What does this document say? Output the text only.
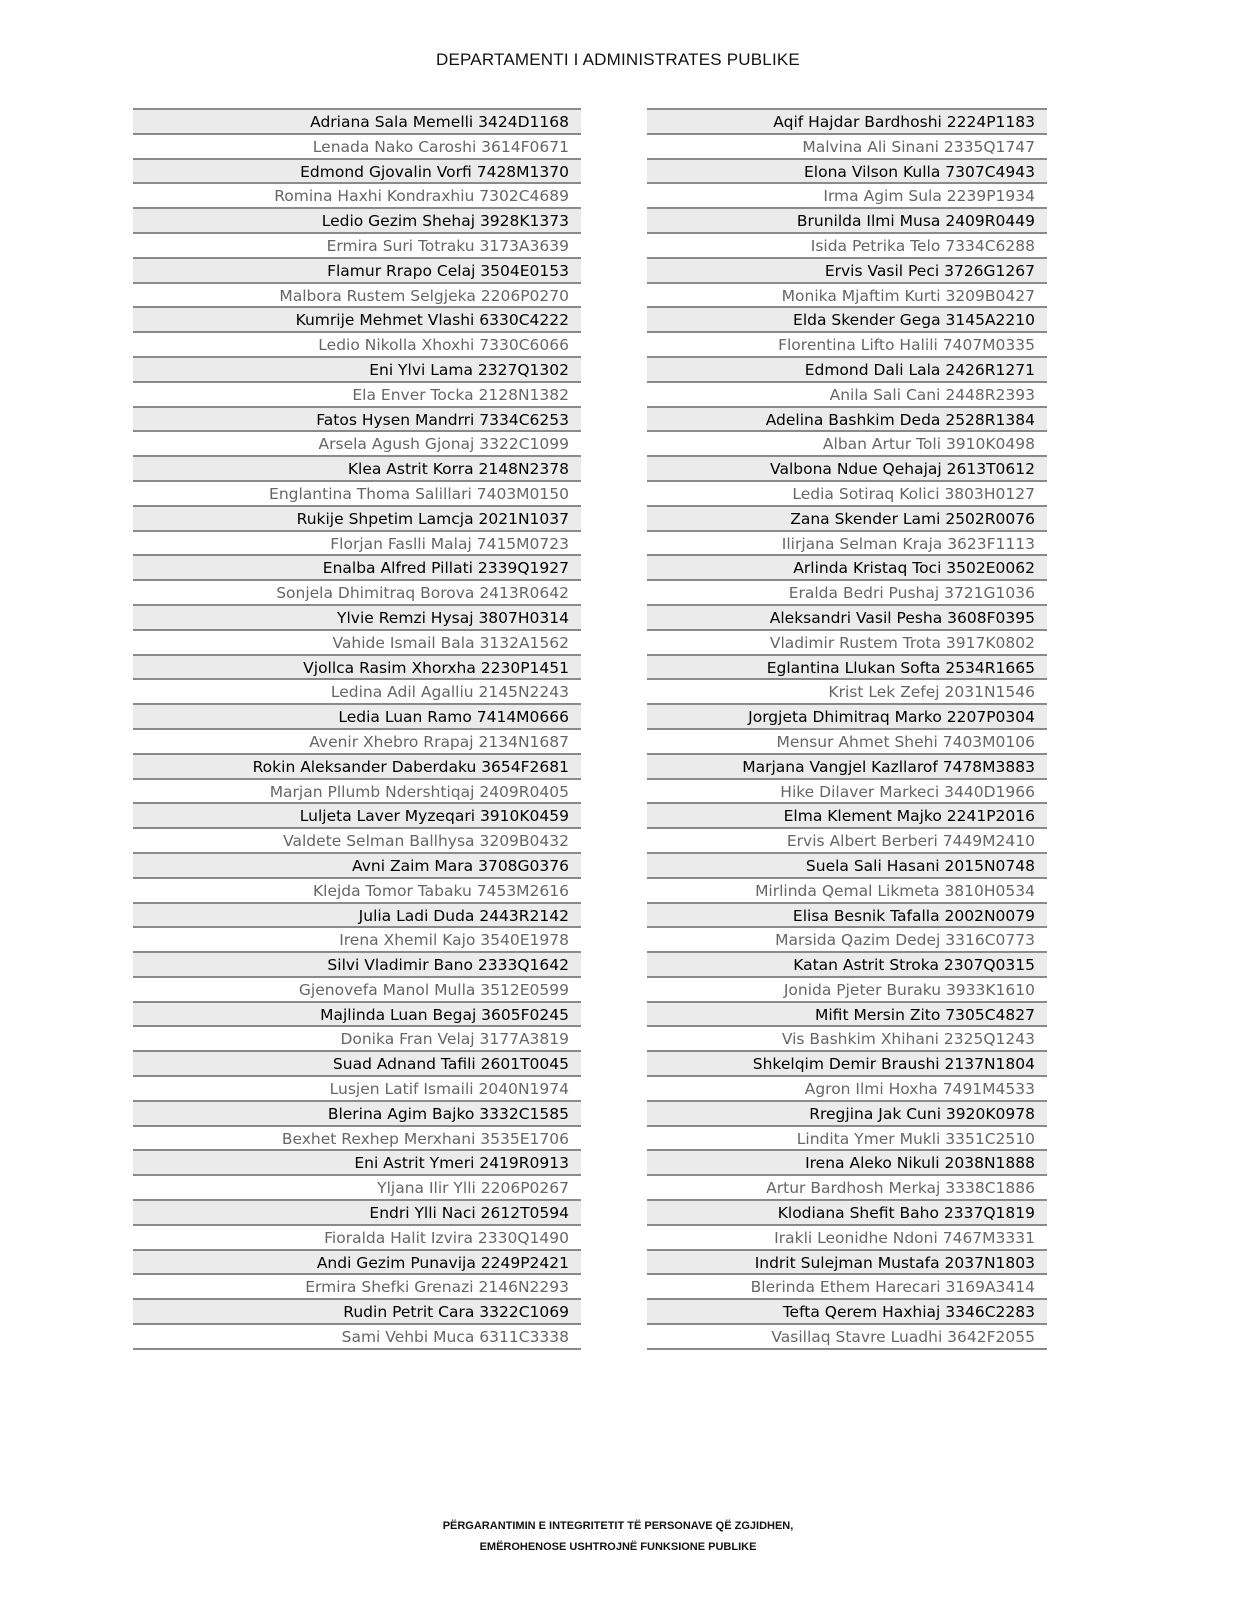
DEPARTAMENTI I ADMINISTRATES PUBLIKE
Adriana Sala Memelli 3424D1168
Lenada Nako Caroshi 3614F0671
Edmond Gjovalin Vorfi 7428M1370
Romina Haxhi Kondraxhiu 7302C4689
Ledio Gezim Shehaj 3928K1373
Ermira Suri Totraku 3173A3639
Flamur Rrapo Celaj 3504E0153
Malbora Rustem Selgjeka 2206P0270
Kumrije Mehmet Vlashi 6330C4222
Ledio Nikolla Xhoxhi 7330C6066
Eni Ylvi Lama 2327Q1302
Ela Enver Tocka 2128N1382
Fatos Hysen Mandrri 7334C6253
Arsela Agush Gjonaj 3322C1099
Klea Astrit Korra 2148N2378
Englantina Thoma Salillari 7403M0150
Rukije Shpetim Lamcja 2021N1037
Florjan Faslli Malaj 7415M0723
Enalba Alfred Pillati 2339Q1927
Sonjela Dhimitraq Borova 2413R0642
Ylvie Remzi Hysaj 3807H0314
Vahide Ismail Bala 3132A1562
Vjollca Rasim Xhorxha 2230P1451
Ledina Adil Agalliu 2145N2243
Ledia Luan Ramo 7414M0666
Avenir Xhebro Rrapaj 2134N1687
Rokin Aleksander Daberdaku 3654F2681
Marjan Pllumb Ndershtiqaj 2409R0405
Luljeta Laver Myzeqari 3910K0459
Valdete Selman Ballhysa 3209B0432
Avni Zaim Mara 3708G0376
Klejda Tomor Tabaku 7453M2616
Julia Ladi Duda 2443R2142
Irena Xhemil Kajo 3540E1978
Silvi Vladimir Bano 2333Q1642
Gjenovefa Manol Mulla 3512E0599
Majlinda Luan Begaj 3605F0245
Donika Fran Velaj 3177A3819
Suad Adnand Tafili 2601T0045
Lusjen Latif Ismaili 2040N1974
Blerina Agim Bajko 3332C1585
Bexhet Rexhep Merxhani 3535E1706
Eni Astrit Ymeri 2419R0913
Yljana Ilir Ylli 2206P0267
Endri Ylli Naci 2612T0594
Fioralda Halit Izvira 2330Q1490
Andi Gezim Punavija 2249P2421
Ermira Shefki Grenazi 2146N2293
Rudin Petrit Cara 3322C1069
Sami Vehbi Muca 6311C3338
Aqif Hajdar Bardhoshi 2224P1183
Malvina Ali Sinani 2335Q1747
Elona Vilson Kulla 7307C4943
Irma Agim Sula 2239P1934
Brunilda Ilmi Musa 2409R0449
Isida Petrika Telo 7334C6288
Ervis Vasil Peci 3726G1267
Monika Mjaftim Kurti 3209B0427
Elda Skender Gega 3145A2210
Florentina Lifto Halili 7407M0335
Edmond Dali Lala 2426R1271
Anila Sali Cani 2448R2393
Adelina Bashkim Deda 2528R1384
Alban Artur Toli 3910K0498
Valbona Ndue Qehajaj 2613T0612
Ledia Sotiraq Kolici 3803H0127
Zana Skender Lami 2502R0076
Ilirjana Selman Kraja 3623F1113
Arlinda Kristaq Toci 3502E0062
Eralda Bedri Pushaj 3721G1036
Aleksandri Vasil Pesha 3608F0395
Vladimir Rustem Trota 3917K0802
Eglantina Llukan Softa 2534R1665
Krist Lek Zefej 2031N1546
Jorgjeta Dhimitraq Marko 2207P0304
Mensur Ahmet Shehi 7403M0106
Marjana Vangjel Kazllarof 7478M3883
Hike Dilaver Markeci 3440D1966
Elma Klement Majko 2241P2016
Ervis Albert Berberi 7449M2410
Suela Sali Hasani 2015N0748
Mirlinda Qemal Likmeta 3810H0534
Elisa Besnik Tafalla 2002N0079
Marsida Qazim Dedej 3316C0773
Katan Astrit Stroka 2307Q0315
Jonida Pjeter Buraku 3933K1610
Mifit Mersin Zito 7305C4827
Vis Bashkim Xhihani 2325Q1243
Shkelqim Demir Braushi 2137N1804
Agron Ilmi Hoxha 7491M4533
Rregjina Jak Cuni 3920K0978
Lindita Ymer Mukli 3351C2510
Irena Aleko Nikuli 2038N1888
Artur Bardhosh Merkaj 3338C1886
Klodiana Shefit Baho 2337Q1819
Irakli Leonidhe Ndoni 7467M3331
Indrit Sulejman Mustafa 2037N1803
Blerinda Ethem Harecari 3169A3414
Tefta Qerem Haxhiaj 3346C2283
Vasillaq Stavre Luadhi 3642F2055
PËRGARANTIMIN E INTEGRITETIT TË PERSONAVE QË ZGJIDHEN,
EMËROHENOSE USHTROJNË FUNKSIONE PUBLIKE
